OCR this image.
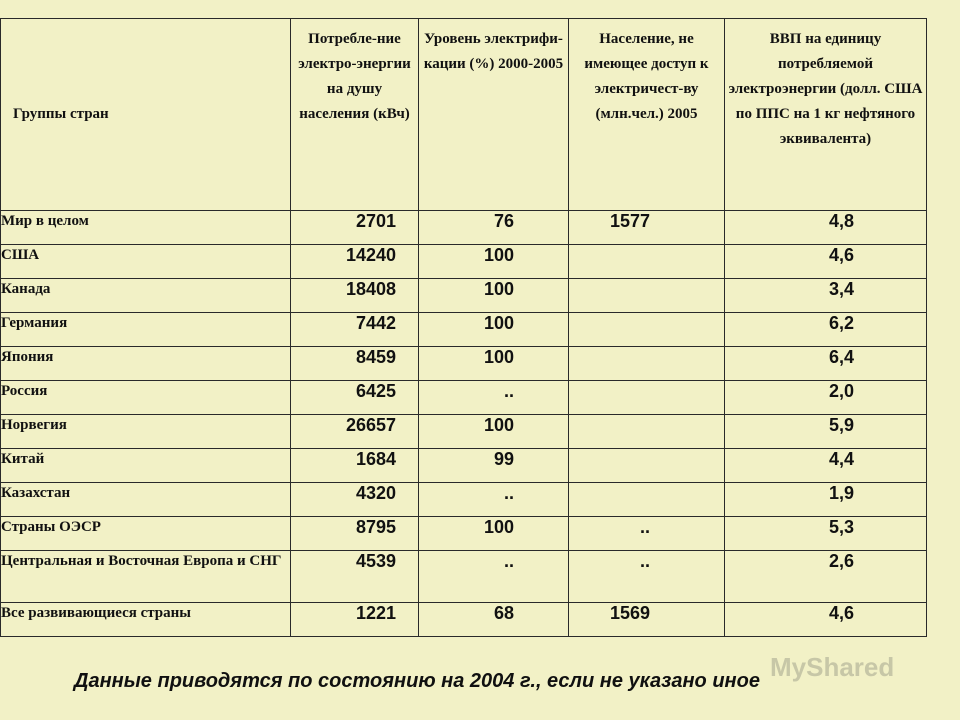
Группы стран	Потребле-ние электро-энергии на душу населения (кВч)	Уровень электрифи-кации (%) 2000-2005	Население, не имеющее доступ к электричест-ву (млн.чел.) 2005	ВВП на единицу потребляемой электроэнергии (долл. США по ППС на 1 кг нефтяного эквивалента)
Мир в целом	2701	76	1577	4,8
США	14240	100		4,6
Канада	18408	100		3,4
Германия	7442	100		6,2
Япония	8459	100		6,4
Россия	6425	..		2,0
Норвегия	26657	100		5,9
Китай	1684	99		4,4
Казахстан	4320	..		1,9
Страны ОЭСР	8795	100	..	5,3
Центральная и Восточная Европа и СНГ	4539	..	..	2,6
Все развивающиеся страны	1221	68	1569	4,6
Данные приводятся по состоянию на 2004 г., если не указано иное MyShared
